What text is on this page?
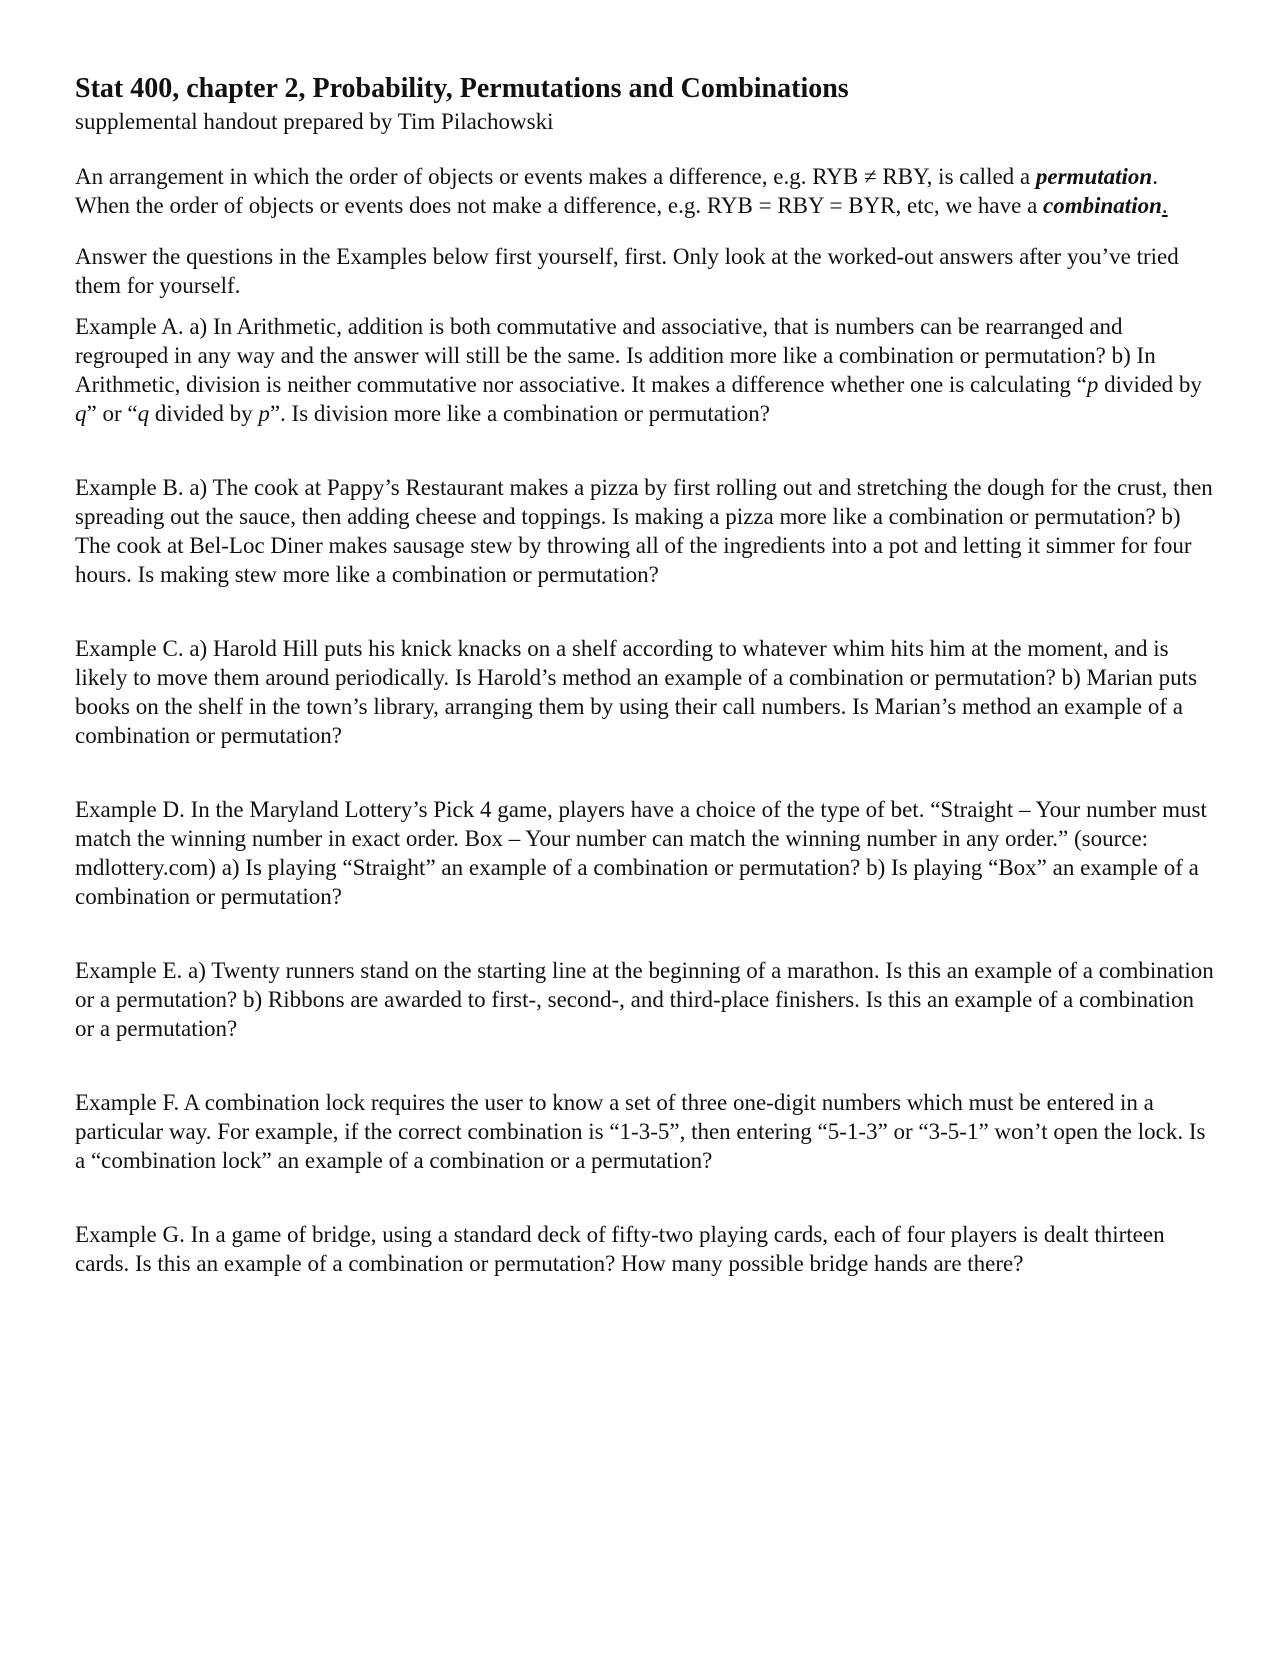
Stat 400, chapter 2, Probability, Permutations and Combinations

supplemental handout prepared by Tim Pilachowski

An arrangement in which the order of objects or events makes a difference, e.g. RYB ≠ RBY, is called a permutation. When the order of objects or events does not make a difference, e.g. RYB = RBY = BYR, etc, we have a combination.

Answer the questions in the Examples below first yourself, first. Only look at the worked-out answers after you’ve tried them for yourself.

Example A. a) In Arithmetic, addition is both commutative and associative, that is numbers can be rearranged and regrouped in any way and the answer will still be the same. Is addition more like a combination or permutation? b) In Arithmetic, division is neither commutative nor associative. It makes a difference whether one is calculating “p divided by q” or “q divided by p”. Is division more like a combination or permutation?

Example B. a) The cook at Pappy’s Restaurant makes a pizza by first rolling out and stretching the dough for the crust, then spreading out the sauce, then adding cheese and toppings. Is making a pizza more like a combination or permutation? b) The cook at Bel-Loc Diner makes sausage stew by throwing all of the ingredients into a pot and letting it simmer for four hours. Is making stew more like a combination or permutation?

Example C. a) Harold Hill puts his knick knacks on a shelf according to whatever whim hits him at the moment, and is likely to move them around periodically. Is Harold’s method an example of a combination or permutation? b) Marian puts books on the shelf in the town’s library, arranging them by using their call numbers. Is Marian’s method an example of a combination or permutation?

Example D. In the Maryland Lottery’s Pick 4 game, players have a choice of the type of bet. “Straight – Your number must match the winning number in exact order. Box – Your number can match the winning number in any order.” (source: mdlottery.com) a) Is playing “Straight” an example of a combination or permutation? b) Is playing “Box” an example of a combination or permutation?

Example E. a) Twenty runners stand on the starting line at the beginning of a marathon. Is this an example of a combination or a permutation? b) Ribbons are awarded to first-, second-, and third-place finishers. Is this an example of a combination or a permutation?

Example F. A combination lock requires the user to know a set of three one-digit numbers which must be entered in a particular way. For example, if the correct combination is “1-3-5”, then entering “5-1-3” or “3-5-1” won’t open the lock. Is a “combination lock” an example of a combination or a permutation?

Example G. In a game of bridge, using a standard deck of fifty-two playing cards, each of four players is dealt thirteen cards. Is this an example of a combination or permutation? How many possible bridge hands are there?
